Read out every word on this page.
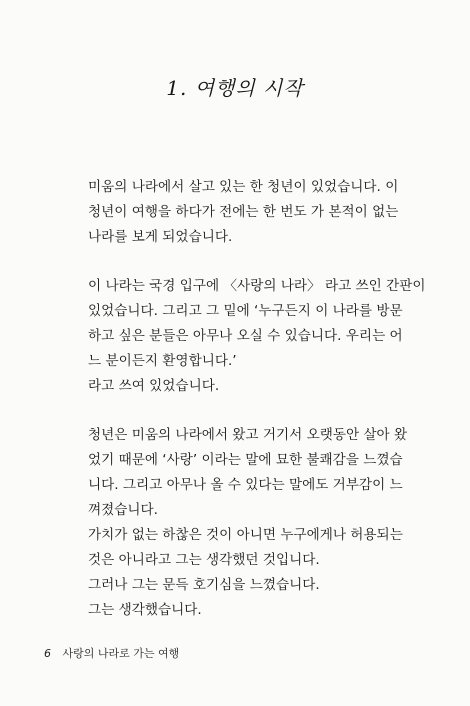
1. 여행의 시작
미움의 나라에서 살고 있는 한 청년이 있었습니다. 이
청년이 여행을 하다가 전에는 한 번도 가 본적이 없는
나라를 보게 되었습니다.
이 나라는 국경 입구에 〈사랑의 나라〉 라고 쓰인 간판이
있었습니다. 그리고 그 밑에 ‘누구든지 이 나라를 방문
하고 싶은 분들은 아무나 오실 수 있습니다. 우리는 어
느 분이든지 환영합니다.’
라고 쓰여 있었습니다.
청년은 미움의 나라에서 왔고 거기서 오랫동안 살아 왔
었기 때문에 ‘사랑’ 이라는 말에 묘한 불쾌감을 느꼈습
니다. 그리고 아무나 올 수 있다는 말에도 거부감이 느
껴졌습니다.
가치가 없는 하찮은 것이 아니면 누구에게나 허용되는
것은 아니라고 그는 생각했던 것입니다.
그러나 그는 문득 호기심을 느꼈습니다.
그는 생각했습니다.
6 사랑의 나라로 가는 여행
